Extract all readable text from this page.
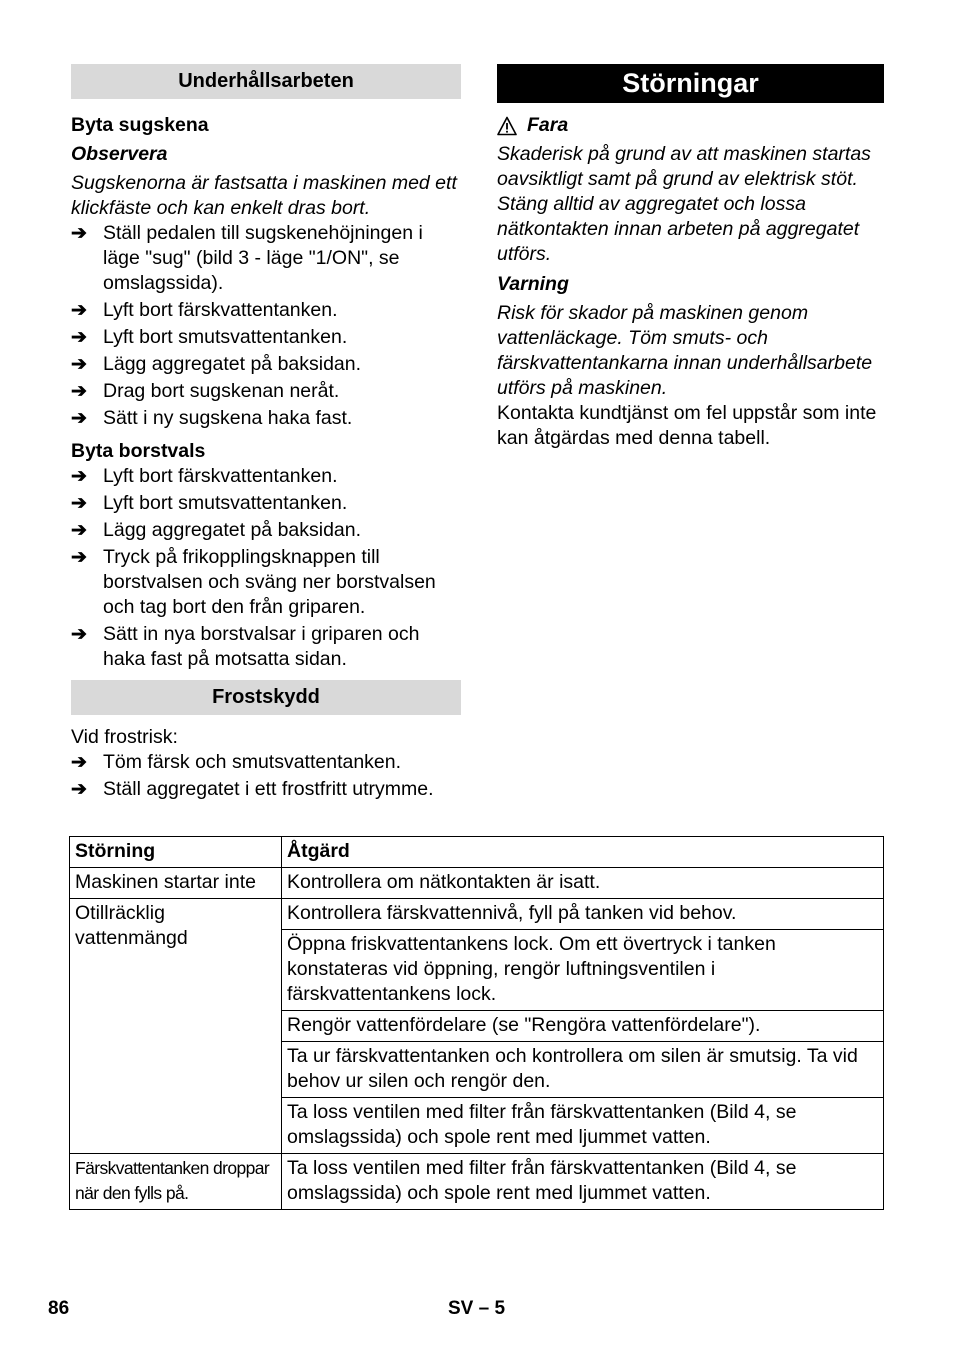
Underhållsarbeten

Byta sugskena

Observera

Sugskenorna är fastsatta i maskinen med ett klickfäste och kan enkelt dras bort.

➔ Ställ pedalen till sugskenehöjningen i läge "sug" (bild 3 - läge "1/ON", se omslagssida).
➔ Lyft bort färskvattentanken.
➔ Lyft bort smutsvattentanken.
➔ Lägg aggregatet på baksidan.
➔ Drag bort sugskenan neråt.
➔ Sätt i ny sugskena haka fast.

Byta borstvals

➔ Lyft bort färskvattentanken.
➔ Lyft bort smutsvattentanken.
➔ Lägg aggregatet på baksidan.
➔ Tryck på frikopplingsknappen till borstvalsen och sväng ner borstvalsen och tag bort den från griparen.
➔ Sätt in nya borstvalsar i griparen och haka fast på motsatta sidan.
Frostskydd

Vid frostrisk:

➔ Töm färsk och smutsvattentanken.
➔ Ställ aggregatet i ett frostfritt utrymme.
Störningar
Fara

Skaderisk på grund av att maskinen startas oavsiktligt samt på grund av elektrisk stöt. Stäng alltid av aggregatet och lossa nätkontakten innan arbeten på aggregatet utförs.

Varning

Risk för skador på maskinen genom vattenläckage. Töm smuts- och färskvattentankarna innan underhållsarbete utförs på maskinen.

Kontakta kundtjänst om fel uppstår som inte kan åtgärdas med denna tabell.

Störning	Åtgärd
Maskinen startar inte	Kontrollera om nätkontakten är isatt.
Otillräcklig vattenmängd	Kontrollera färskvattennivå, fyll på tanken vid behov.
	Öppna friskvattentankens lock. Om ett övertryck i tanken konstateras vid öppning, rengör luftningsventilen i färskvattentankens lock.
	Rengör vattenfördelare (se "Rengöra vattenfördelare").
	Ta ur färskvattentanken och kontrollera om silen är smutsig. Ta vid behov ur silen och rengör den.
	Ta loss ventilen med filter från färskvattentanken (Bild 4, se omslagssida) och spole rent med ljummet vatten.
Färskvattentanken droppar när den fylls på.	Ta loss ventilen med filter från färskvattentanken (Bild 4, se omslagssida) och spole rent med ljummet vatten.
86	SV – 5
